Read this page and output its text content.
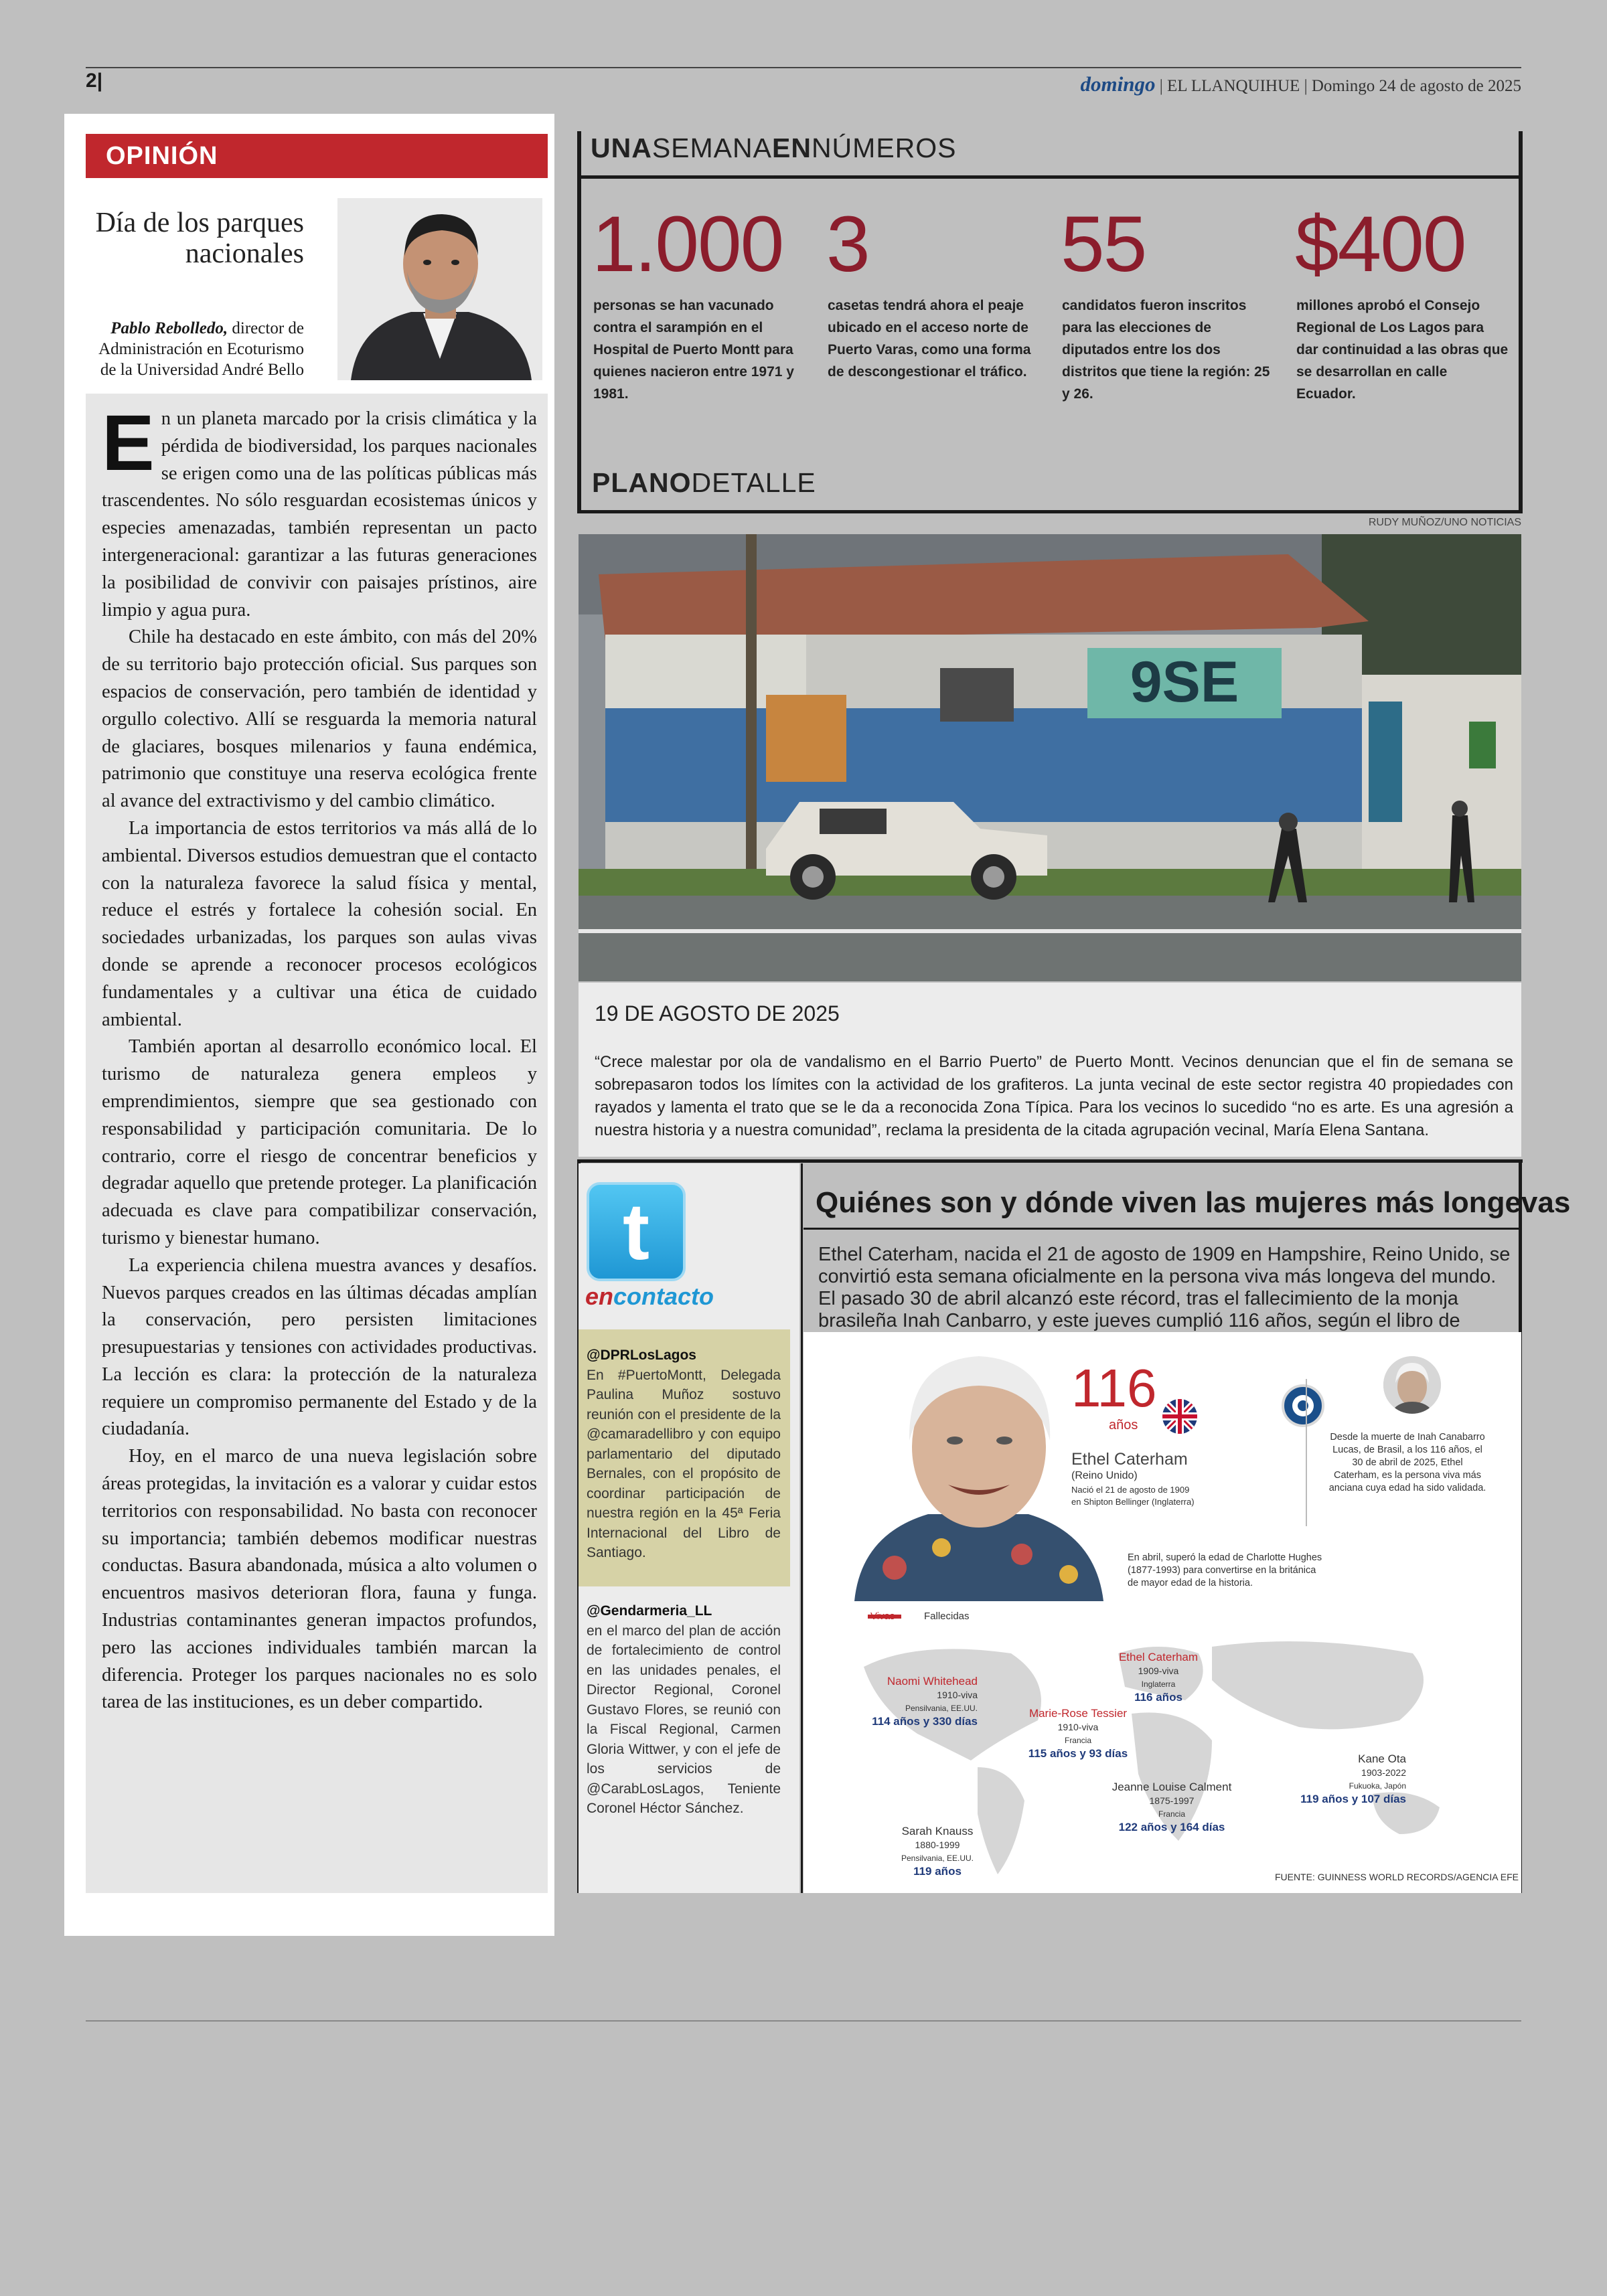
2|	domingo | EL LLANQUIHUE | Domingo 24 de agosto de 2025
OPINIÓN
Día de los parques nacionales
Pablo Rebolledo, director de Administración en Ecoturismo de la Universidad André Bello

En un planeta marcado por la crisis climática y la pérdida de biodiversidad, los parques nacionales se erigen como una de las políticas públicas más trascendentes. No sólo resguardan ecosistemas únicos y especies amenazadas, también representan un pacto intergeneracional: garantizar a las futuras generaciones la posibilidad de convivir con paisajes prístinos, aire limpio y agua pura.

Chile ha destacado en este ámbito, con más del 20% de su territorio bajo protección oficial. Sus parques son espacios de conservación, pero también de identidad y orgullo colectivo. Allí se resguarda la memoria natural de glaciares, bosques milenarios y fauna endémica, patrimonio que constituye una reserva ecológica frente al avance del extractivismo y del cambio climático.

La importancia de estos territorios va más allá de lo ambiental. Diversos estudios demuestran que el contacto con la naturaleza favorece la salud física y mental, reduce el estrés y fortalece la cohesión social. En sociedades urbanizadas, los parques son aulas vivas donde se aprende a reconocer procesos ecológicos fundamentales y a cultivar una ética de cuidado ambiental.

También aportan al desarrollo económico local. El turismo de naturaleza genera empleos y emprendimientos, siempre que sea gestionado con responsabilidad y participación comunitaria. De lo contrario, corre el riesgo de concentrar beneficios y degradar aquello que pretende proteger. La planificación adecuada es clave para compatibilizar conservación, turismo y bienestar humano.

La experiencia chilena muestra avances y desafíos. Nuevos parques creados en las últimas décadas amplían la conservación, pero persisten limitaciones presupuestarias y tensiones con actividades productivas. La lección es clara: la protección de la naturaleza requiere un compromiso permanente del Estado y de la ciudadanía.

Hoy, en el marco de una nueva legislación sobre áreas protegidas, la invitación es a valorar y cuidar estos territorios con responsabilidad. No basta con reconocer su importancia; también debemos modificar nuestras conductas. Basura abandonada, música a alto volumen o encuentros masivos deterioran flora, fauna y funga. Industrias contaminantes generan impactos profundos, pero las acciones individuales también marcan la diferencia. Proteger los parques nacionales no es solo tarea de las instituciones, es un deber compartido.

UNASEMANAENNÚMEROS
1.000
personas se han vacunado contra el sarampión en el Hospital de Puerto Montt para quienes nacieron entre 1971 y 1981.
3
casetas tendrá ahora el peaje ubicado en el acceso norte de Puerto Varas, como una forma de descongestionar el tráfico.
55
candidatos fueron inscritos para las elecciones de diputados entre los dos distritos que tiene la región: 25 y 26.
$400
millones aprobó el Consejo Regional de Los Lagos para dar continuidad a las obras que se desarrollan en calle Ecuador.
PLANODETALLE
RUDY MUÑOZ/UNO NOTICIAS
9SE
19 DE AGOSTO DE 2025
“Crece malestar por ola de vandalismo en el Barrio Puerto” de Puerto Montt. Vecinos denuncian que el fin de semana se sobrepasaron todos los límites con la actividad de los grafiteros. La junta vecinal de este sector registra 40 propiedades con rayados y lamenta el trato que se le da a reconocida Zona Típica. Para los vecinos lo sucedido “no es arte. Es una agresión a nuestra historia y a nuestra comunidad”, reclama la presidenta de la citada agrupación vecinal, María Elena Santana.
t
encontacto
@DPRLosLagos
En #PuertoMontt, Delegada Paulina Muñoz sostuvo reunión con el presidente de la @camaradellibro y con equipo parlamentario del diputado Bernales, con el propósito de coordinar participación de nuestra región en la 45ª Feria Internacional del Libro de Santiago.
@Gendarmeria_LL
en el marco del plan de acción de fortalecimiento de control en las unidades penales, el Director Regional, Coronel Gustavo Flores, se reunió con la Fiscal Regional, Carmen Gloria Wittwer, y con el jefe de los servicios de @CarabLosLagos, Teniente Coronel Héctor Sánchez.
Quiénes son y dónde viven las mujeres más longevas
Ethel Caterham, nacida el 21 de agosto de 1909 en Hampshire, Reino Unido, se convirtió esta semana oficialmente en la persona viva más longeva del mundo. El pasado 30 de abril alcanzó este récord, tras el fallecimiento de la monja brasileña Inah Canbarro, y este jueves cumplió 116 años, según el libro de
116
años
Ethel Caterham
(Reino Unido)
Nació el 21 de agosto de 1909
en Shipton Bellinger (Inglaterra)
Desde la muerte de Inah Canabarro Lucas, de Brasil, a los 116 años, el 30 de abril de 2025, Ethel Caterham, es la persona viva más anciana cuya edad ha sido validada.
En abril, superó la edad de Charlotte Hughes (1877-1993) para convertirse en la británica de mayor edad de la historia.
Vivas	Fallecidas
Naomi Whitehead
1910-viva
Pensilvania, EE.UU.
114 años y 330 días
Ethel Caterham
1909-viva
Inglaterra
116 años
Marie-Rose Tessier
1910-viva
Francia
115 años y 93 días
Jeanne Louise Calment
1875-1997
Francia
122 años y 164 días
Kane Ota
1903-2022
Fukuoka, Japón
119 años y 107 días
Sarah Knauss
1880-1999
Pensilvania, EE.UU.
119 años	FUENTE: GUINNESS WORLD RECORDS/AGENCIA EFE
